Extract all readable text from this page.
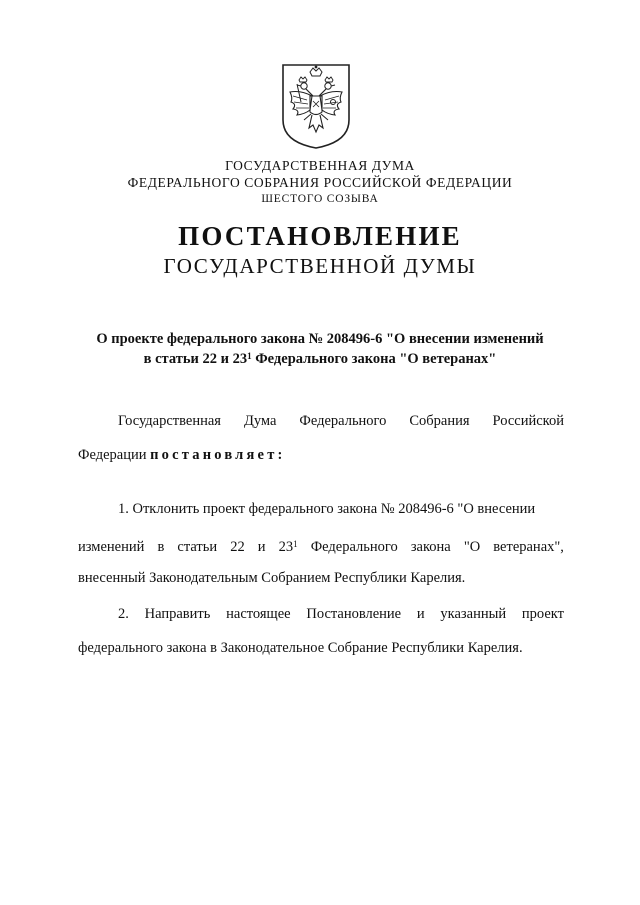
ГОСУДАРСТВЕННАЯ ДУМА
ФЕДЕРАЛЬНОГО СОБРАНИЯ РОССИЙСКОЙ ФЕДЕРАЦИИ
ШЕСТОГО СОЗЫВА
ПОСТАНОВЛЕНИЕ
ГОСУДАРСТВЕННОЙ ДУМЫ
О проекте федерального закона № 208496-6 "О внесении изменений
в статьи 22 и $23^1$ Федерального закона "О ветеранах"
Государственная Дума Федерального Собрания Российской
Федерации постановляет:
1. Отклонить проект федерального закона № 208496-6 "О внесении
изменений в статьи 22 и $23^1$ Федерального закона "О ветеранах",
внесенный Законодательным Собранием Республики Карелия.
2. Направить настоящее Постановление и указанный проект
федерального закона в Законодательное Собрание Республики Карелия.
